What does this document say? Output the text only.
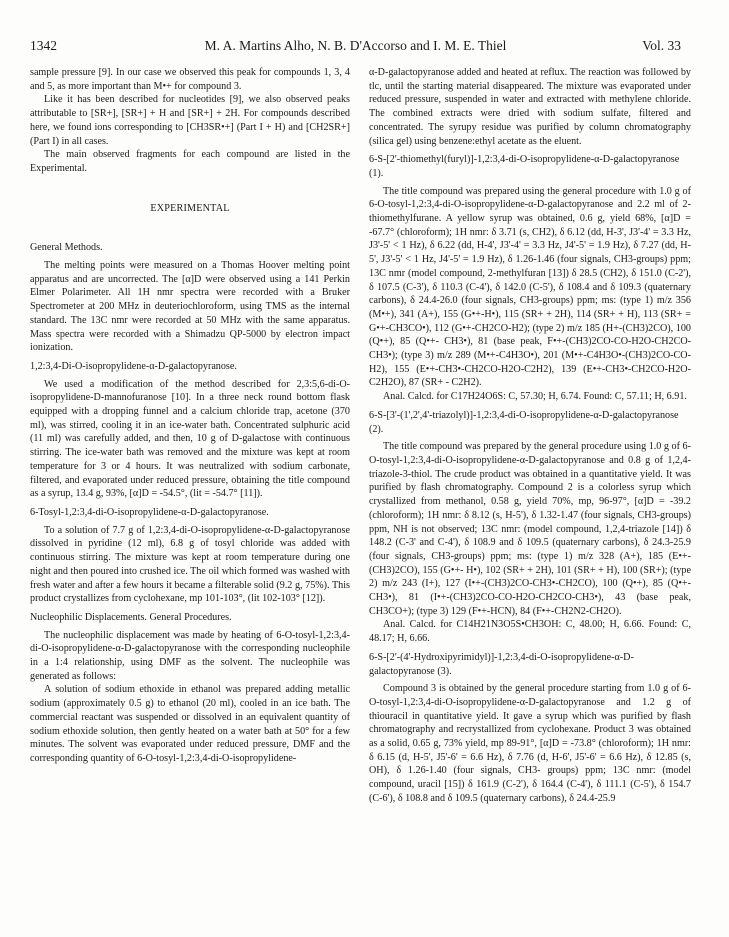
1342	M. A. Martins Alho, N. B. D'Accorso and I. M. E. Thiel	Vol. 33

sample pressure [9]. In our case we observed this peak for compounds 1, 3, 4 and 5, as more important than M•+ for compound 3.

Like it has been described for nucleotides [9], we also observed peaks attributable to [SR+], [SR+] + H and [SR+] + 2H. For compounds described here, we found ions corresponding to [CH3SR•+] (Part I + H) and [CH2SR+] (Part I) in all cases.

The main observed fragments for each compound are listed in the Experimental.

EXPERIMENTAL

General Methods.

The melting points were measured on a Thomas Hoover melting point apparatus and are uncorrected. The [α]D were observed using a 141 Perkin Elmer Polarimeter. All 1H nmr spectra were recorded with a Bruker Spectrometer at 200 MHz in deuteriochloroform, using TMS as the internal standard. The 13C nmr were recorded at 50 MHz with the same apparatus. Mass spectra were recorded with a Shimadzu QP-5000 by electron impact ionization.

1,2:3,4-Di-O-isopropylidene-α-D-galactopyranose.

We used a modification of the method described for 2,3:5,6-di-O-isopropylidene-D-mannofuranose [10]. In a three neck round bottom flask equipped with a dropping funnel and a calcium chloride trap, acetone (370 ml), was stirred, cooling it in an ice-water bath. Concentrated sulphuric acid (11 ml) was carefully added, and then, 10 g of D-galactose with continuous stirring. The ice-water bath was removed and the mixture was kept at room temperature for 3 or 4 hours. It was neutralized with sodium carbonate, filtered, and evaporated under reduced pressure, obtaining the title compound as a syrup, 13.4 g, 93%, [α]D = -54.5°, (lit = -54.7° [11]).

6-Tosyl-1,2:3,4-di-O-isopropylidene-α-D-galactopyranose.

To a solution of 7.7 g of 1,2:3,4-di-O-isopropylidene-α-D-galactopyranose dissolved in pyridine (12 ml), 6.8 g of tosyl chloride was added with continuous stirring. The mixture was kept at room temperature during one night and then poured into crushed ice. The oil which formed was washed with fresh water and after a few hours it became a filterable solid (9.2 g, 75%). This product crystallizes from cyclohexane, mp 101-103°, (lit 102-103° [12]).

Nucleophilic Displacements. General Procedures.

The nucleophilic displacement was made by heating of 6-O-tosyl-1,2:3,4-di-O-isopropylidene-α-D-galactopyranose with the corresponding nucleophile in a 1:4 relationship, using DMF as the solvent. The nucleophile was generated as follows:

A solution of sodium ethoxide in ethanol was prepared adding metallic sodium (approximately 0.5 g) to ethanol (20 ml), cooled in an ice bath. The commercial reactant was suspended or dissolved in an equivalent quantity of sodium ethoxide solution, then gently heated on a water bath at 50° for a few minutes. The solvent was evaporated under reduced pressure, DMF and the corresponding quantity of 6-O-tosyl-1,2:3,4-di-O-isopropylidene-

α-D-galactopyranose added and heated at reflux. The reaction was followed by tlc, until the starting material disappeared. The mixture was evaporated under reduced pressure, suspended in water and extracted with methylene chloride. The combined extracts were dried with sodium sulfate, filtered and concentrated. The syrupy residue was purified by column chromatography (silica gel) using benzene:ethyl acetate as the eluent.

6-S-[2'-thiomethyl(furyl)]-1,2:3,4-di-O-isopropylidene-α-D-galactopyranose (1).

The title compound was prepared using the general procedure with 1.0 g of 6-O-tosyl-1,2:3,4-di-O-isopropylidene-α-D-galactopyranose and 2.2 ml of 2-thiomethylfurane. A yellow syrup was obtained, 0.6 g, yield 68%, [α]D = -67.7° (chloroform); 1H nmr: δ 3.71 (s, CH2), δ 6.12 (dd, H-3', J3'-4' = 3.3 Hz, J3'-5' < 1 Hz), δ 6.22 (dd, H-4', J3'-4' = 3.3 Hz, J4'-5' = 1.9 Hz), δ 7.27 (dd, H-5', J3'-5' < 1 Hz, J4'-5' = 1.9 Hz), δ 1.26-1.46 (four signals, CH3-groups) ppm; 13C nmr (model compound, 2-methylfuran [13]) δ 28.5 (CH2), δ 151.0 (C-2'), δ 107.5 (C-3'), δ 110.3 (C-4'), δ 142.0 (C-5'), δ 108.4 and δ 109.3 (quaternary carbons), δ 24.4-26.0 (four signals, CH3-groups) ppm; ms: (type 1) m/z 356 (M•+), 341 (A+), 155 (G•+-H•), 115 (SR+ + 2H), 114 (SR+ + H), 113 (SR+ = G•+-CH3CO•), 112 (G•+-CH2CO-H2); (type 2) m/z 185 (H+-(CH3)2CO), 100 (Q•+), 85 (Q•+- CH3•), 81 (base peak, F•+-(CH3)2CO-CO-H2O-CH2CO- CH3•); (type 3) m/z 289 (M•+-C4H3O•), 201 (M•+-C4H3O•-(CH3)2CO-CO-H2), 155 (E•+-CH3•-CH2CO-H2O-C2H2), 139 (E•+-CH3•-CH2CO-H2O-C2H2O), 87 (SR+ - C2H2).

Anal. Calcd. for C17H24O6S: C, 57.30; H, 6.74. Found: C, 57.11; H, 6.91.

6-S-[3'-(1',2',4'-triazolyl)]-1,2:3,4-di-O-isopropylidene-α-D-galactopyranose (2).

The title compound was prepared by the general procedure using 1.0 g of 6-O-tosyl-1,2:3,4-di-O-isopropylidene-α-D-galactopyranose and 0.8 g of 1,2,4-triazole-3-thiol. The crude product was obtained in a quantitative yield. It was purified by flash chromatography. Compound 2 is a colorless syrup which crystallized from methanol, 0.58 g, yield 70%, mp, 96-97°, [α]D = -39.2 (chloroform); 1H nmr: δ 8.12 (s, H-5'), δ 1.32-1.47 (four signals, CH3-groups) ppm, NH is not observed; 13C nmr: (model compound, 1,2,4-triazole [14]) δ 148.2 (C-3' and C-4'), δ 108.9 and δ 109.5 (quaternary carbons), δ 24.3-25.9 (four signals, CH3-groups) ppm; ms: (type 1) m/z 328 (A+), 185 (E•+-(CH3)2CO), 155 (G•+- H•), 102 (SR+ + 2H), 101 (SR+ + H), 100 (SR+); (type 2) m/z 243 (I+), 127 (I•+-(CH3)2CO-CH3•-CH2CO), 100 (Q•+), 85 (Q•+-CH3•), 81 (I•+-(CH3)2CO-CO-H2O-CH2CO-CH3•), 43 (base peak, CH3CO+); (type 3) 129 (F•+-HCN), 84 (F•+-CH2N2-CH2O).

Anal. Calcd. for C14H21N3O5S•CH3OH: C, 48.00; H, 6.66. Found: C, 48.17; H, 6.66.

6-S-[2'-(4'-Hydroxipyrimidyl)]-1,2:3,4-di-O-isopropylidene-α-D-galactopyranose (3).

Compound 3 is obtained by the general procedure starting from 1.0 g of 6-O-tosyl-1,2:3,4-di-O-isopropylidene-α-D-galactopyranose and 1.2 g of thiouracil in quantitative yield. It gave a syrup which was purified by flash chromatography and recrystallized from cyclohexane. Product 3 was obtained as a solid, 0.65 g, 73% yield, mp 89-91°, [α]D = -73.8° (chloroform); 1H nmr: δ 6.15 (d, H-5', J5'-6' = 6.6 Hz), δ 7.76 (d, H-6', J5'-6' = 6.6 Hz), δ 12.85 (s, OH), δ 1.26-1.40 (four signals, CH3- groups) ppm; 13C nmr: (model compound, uracil [15]) δ 161.9 (C-2'), δ 164.4 (C-4'), δ 111.1 (C-5'), δ 154.7 (C-6'), δ 108.8 and δ 109.5 (quaternary carbons), δ 24.4-25.9
